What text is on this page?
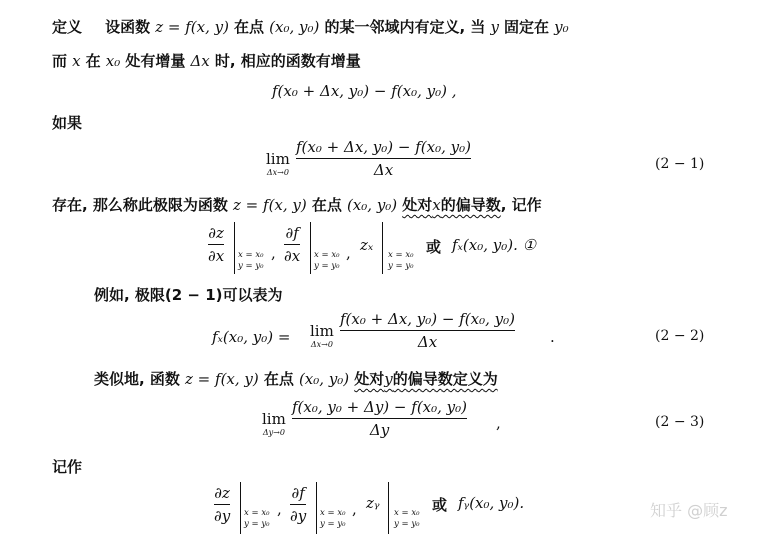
定义 设函数 z = f(x, y) 在点 (x₀, y₀) 的某一邻域内有定义, 当 y 固定在 y₀
而 x 在 x₀ 处有增量 Δx 时, 相应的函数有增量
f(x₀ + Δx, y₀) − f(x₀, y₀) ,
如果
lim
Δx→0
f(x₀ + Δx, y₀) − f(x₀, y₀)
Δx	(2 − 1)
存在, 那么称此极限为函数 z = f(x, y) 在点 (x₀, y₀) 处对x的偏导数, 记作
∂z
∂x x = x₀
y = y₀
,
∂f
∂x x = x₀
y = y₀
, zₓ
x = x₀
y = y₀
或 fₓ(x₀, y₀). ①
例如, 极限(2 − 1)可以表为
fₓ(x₀, y₀) = lim
Δx→0
f(x₀ + Δx, y₀) − f(x₀, y₀)
Δx	.	(2 − 2)
类似地, 函数 z = f(x, y) 在点 (x₀, y₀) 处对y的偏导数定义为
lim
Δy→0
f(x₀, y₀ + Δy) − f(x₀, y₀)
Δy	,	(2 − 3)
记作
∂z
∂y x = x₀
y = y₀
,
∂f
∂y x = x₀
y = y₀
, zᵧ
x = x₀
y = y₀
或 fᵧ(x₀, y₀).	知乎 @顾z
